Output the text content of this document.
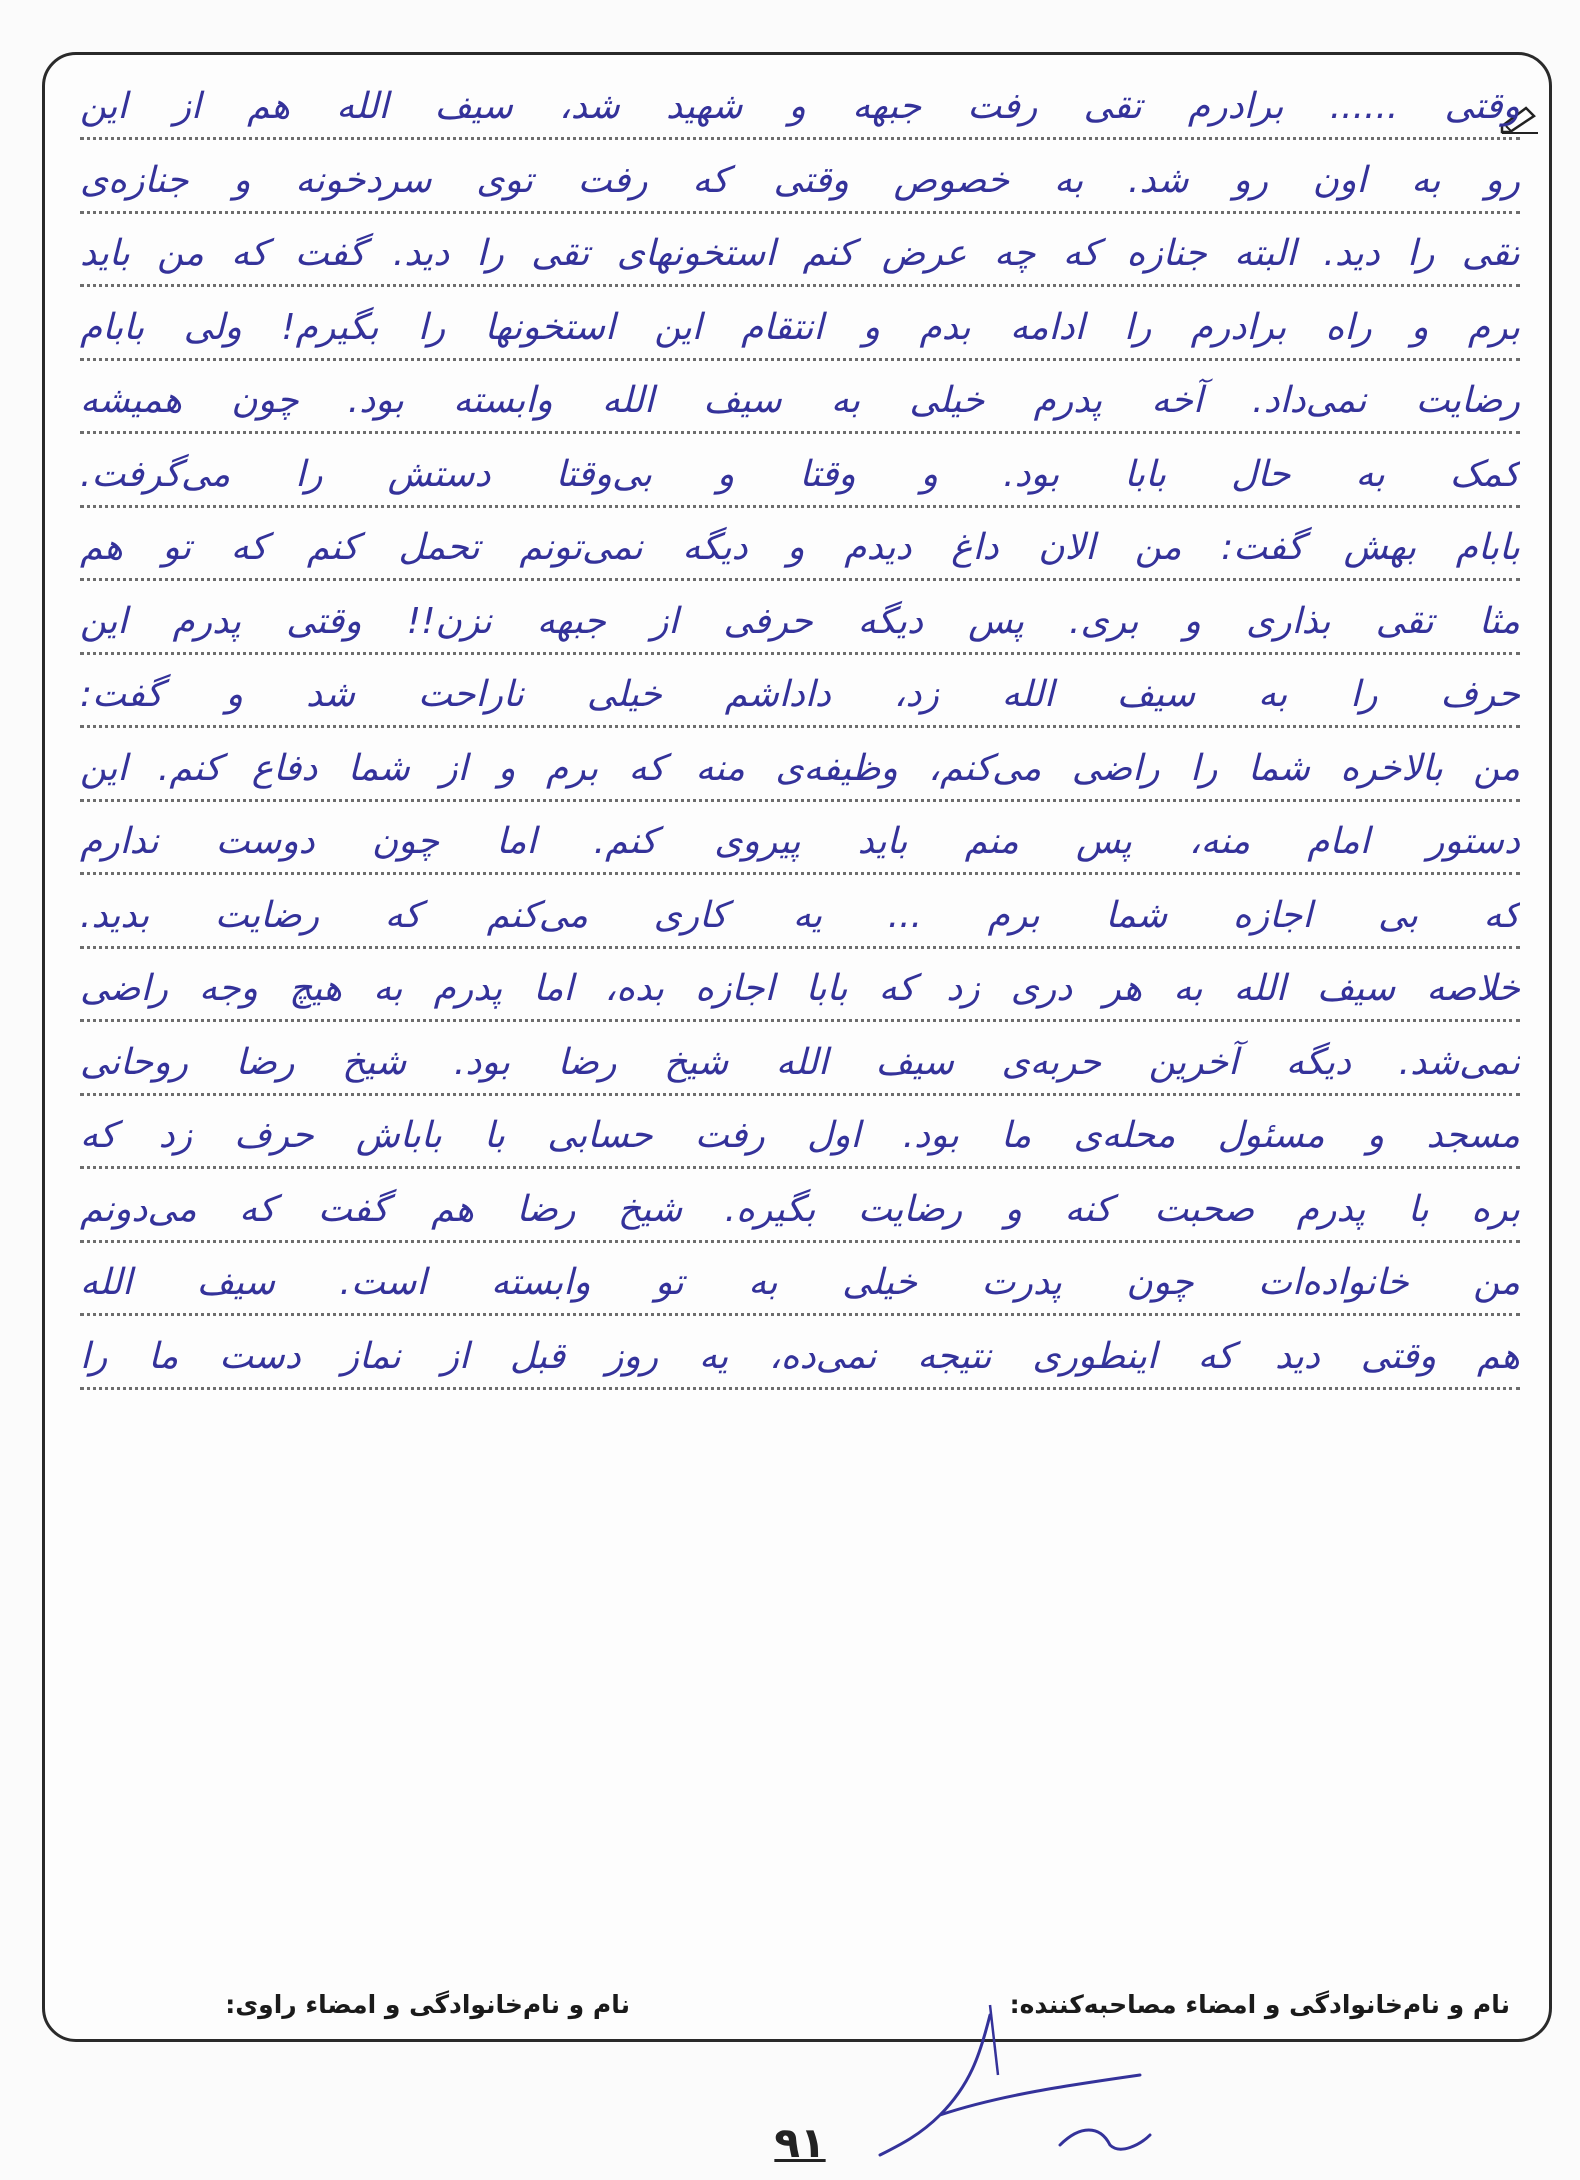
وقتی ...... برادرم تقی رفت جبهه و شهید شد، سیف الله هم از این
رو به اون رو شد. به خصوص وقتی که رفت توی سردخونه و جنازه‌ی
تقی را دید. البته جنازه که چه عرض کنم استخونهای تقی را دید. گفت که من باید
برم و راه برادرم را ادامه بدم و انتقام این استخونها را بگیرم! ولی بابام
رضایت نمی‌داد. آخه پدرم خیلی به سیف الله وابسته بود. چون همیشه
کمک به حال بابا بود. و وقتا و بی‌وقتا دستش را می‌گرفت.
بابام بهش گفت: من الان داغ دیدم و دیگه نمی‌تونم تحمل کنم که تو هم
مثا تقی بذاری و بری. پس دیگه حرفی از جبهه نزن!! وقتی پدرم این
حرف را به سیف الله زد، داداشم خیلی ناراحت شد و گفت:
من بالاخره شما را راضی می‌کنم، وظیفه‌ی منه که برم و از شما دفاع کنم. این
دستور امام منه، پس منم باید پیروی کنم. اما چون دوست ندارم
که بی اجازه شما برم ... یه کاری می‌کنم که رضایت بدید.
خلاصه سیف الله به هر دری زد که بابا اجازه بده، اما پدرم به هیچ وجه راضی
نمی‌شد. دیگه آخرین حربه‌ی سیف الله شیخ رضا بود. شیخ رضا روحانی
مسجد و مسئول محله‌ی ما بود. اول رفت حسابی با باباش حرف زد که
بره با پدرم صحبت کنه و رضایت بگیره. شیخ رضا هم گفت که می‌دونم
من خانواده‌ات چون پدرت خیلی به تو وابسته است. سیف الله
هم وقتی دید که اینطوری نتیجه نمی‌ده، یه روز قبل از نماز دست ما را
نام و نام‌خانوادگی و امضاء مصاحبه‌کننده:
نام و نام‌خانوادگی و امضاء راوی:
۹۱
